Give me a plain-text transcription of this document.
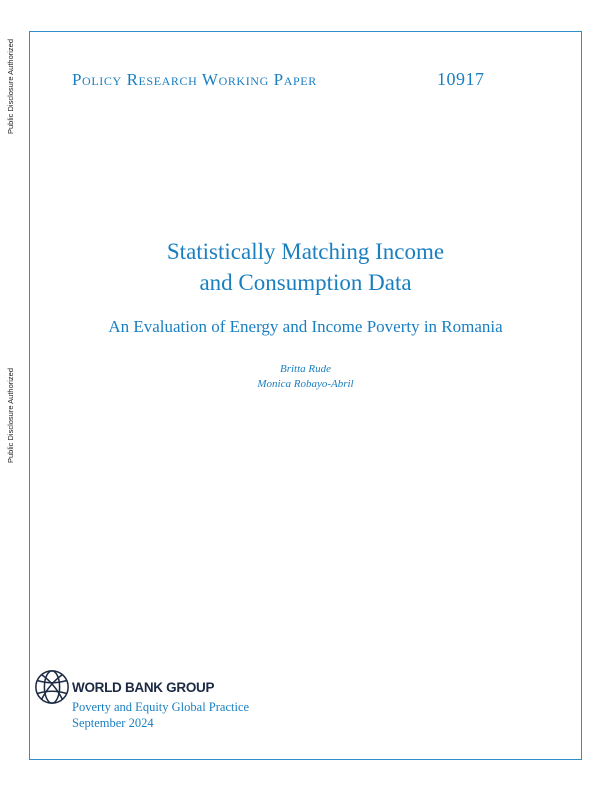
Public Disclosure Authorized
Public Disclosure Authorized
Policy Research Working Paper	10917
Statistically Matching Income
and Consumption Data
An Evaluation of Energy and Income Poverty in Romania
Britta Rude
Monica Robayo-Abril
WORLD BANK GROUP
Poverty and Equity Global Practice
September 2024
